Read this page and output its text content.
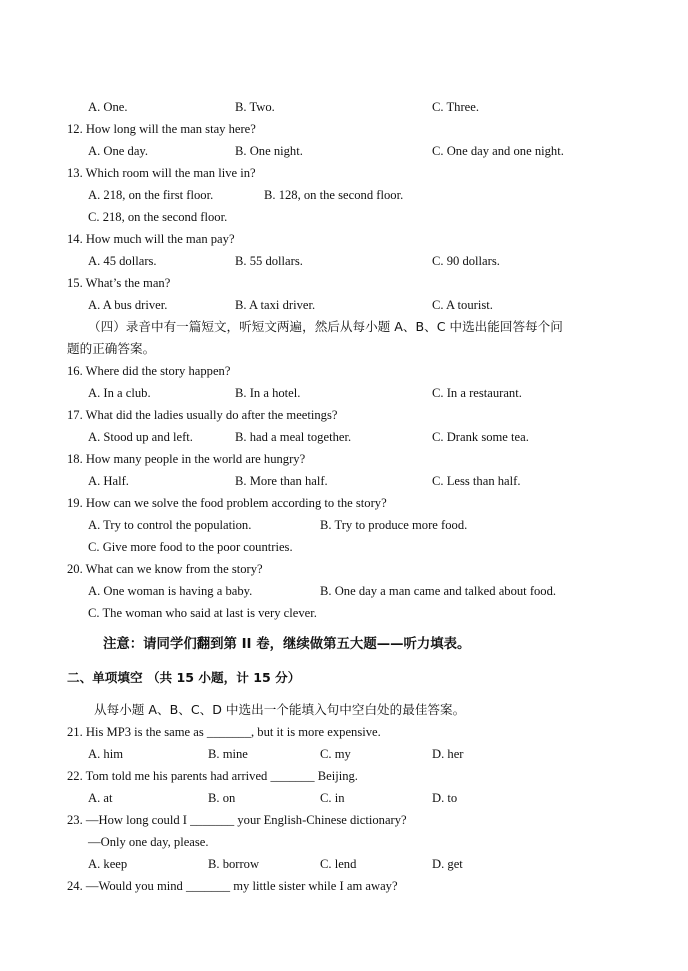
A. One.	B. Two.	C. Three.
12. How long will the man stay here?
A. One day.	B. One night.	C. One day and one night.
13. Which room will the man live in?
A. 218, on the first floor.	B. 128, on the second floor.
C. 218, on the second floor.
14. How much will the man pay?
A. 45 dollars.	B. 55 dollars.	C. 90 dollars.
15. What’s the man?
A. A bus driver.	B. A taxi driver.	C. A tourist.
（四）录音中有一篇短文，听短文两遍，然后从每小题 A、B、C 中选出能回答每个问
题的正确答案。
16. Where did the story happen?
A. In a club.	B. In a hotel.	C. In a restaurant.
17. What did the ladies usually do after the meetings?
A. Stood up and left.	B. had a meal together.	C. Drank some tea.
18. How many people in the world are hungry?
A. Half.	B. More than half.	C. Less than half.
19. How can we solve the food problem according to the story?
A. Try to control the population.	B. Try to produce more food.
C. Give more food to the poor countries.
20. What can we know from the story?
A. One woman is having a baby.	B. One day a man came and talked about food.
C. The woman who said at last is very clever.
注意：请同学们翻到第 II 卷，继续做第五大题——听力填表。
二、单项填空 （共 15 小题，计 15 分）
从每小题 A、B、C、D 中选出一个能填入句中空白处的最佳答案。
21. His MP3 is the same as _______, but it is more expensive.
A. him	B. mine	C. my	D. her
22. Tom told me his parents had arrived _______ Beijing.
A. at	B. on	C. in	D. to
23. —How long could I _______ your English-Chinese dictionary?
—Only one day, please.
A. keep	B. borrow	C. lend	D. get
24. —Would you mind _______ my little sister while I am away?
